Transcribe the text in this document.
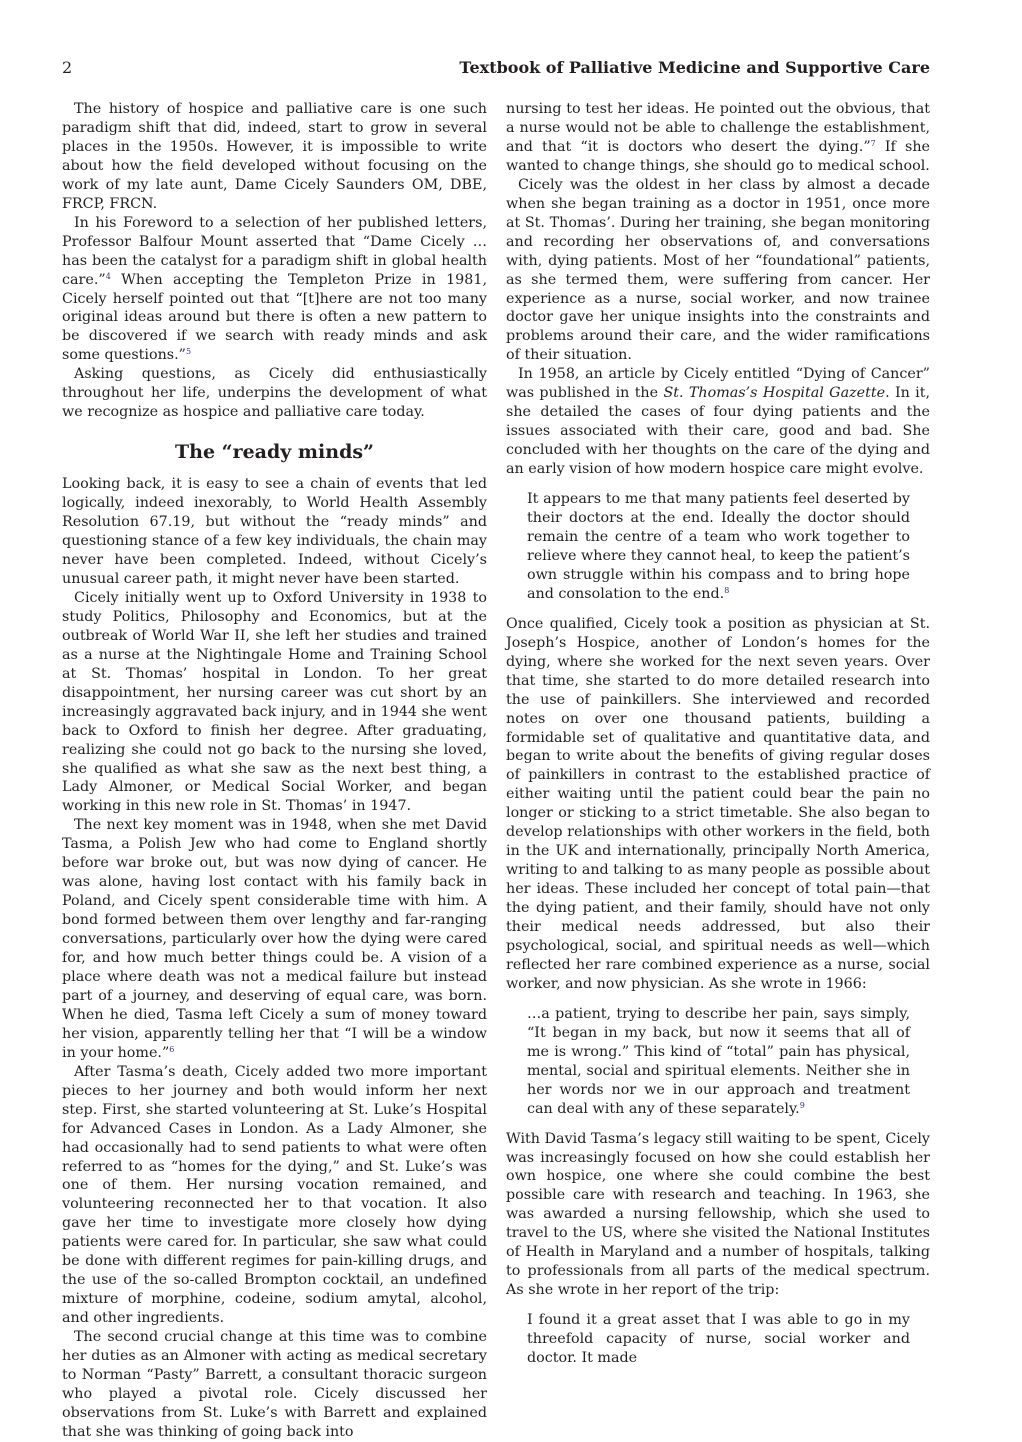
2	Textbook of Palliative Medicine and Supportive Care

The history of hospice and palliative care is one such paradigm shift that did, indeed, start to grow in several places in the 1950s. However, it is impossible to write about how the field developed without focusing on the work of my late aunt, Dame Cicely Saunders OM, DBE, FRCP, FRCN.

In his Foreword to a selection of her published letters, Professor Balfour Mount asserted that “Dame Cicely … has been the catalyst for a paradigm shift in global health care.”$^4$ When accepting the Templeton Prize in 1981, Cicely herself pointed out that “[t]here are not too many original ideas around but there is often a new pattern to be discovered if we search with ready minds and ask some questions.”$^5$

Asking questions, as Cicely did enthusiastically throughout her life, underpins the development of what we recognize as hospice and palliative care today.

The “ready minds”

Looking back, it is easy to see a chain of events that led logically, indeed inexorably, to World Health Assembly Resolution 67.19, but without the “ready minds” and questioning stance of a few key individuals, the chain may never have been completed. Indeed, without Cicely’s unusual career path, it might never have been started.

Cicely initially went up to Oxford University in 1938 to study Politics, Philosophy and Economics, but at the outbreak of World War II, she left her studies and trained as a nurse at the Nightingale Home and Training School at St. Thomas’ hospital in London. To her great disappointment, her nursing career was cut short by an increasingly aggravated back injury, and in 1944 she went back to Oxford to finish her degree. After graduating, realizing she could not go back to the nursing she loved, she qualified as what she saw as the next best thing, a Lady Almoner, or Medical Social Worker, and began working in this new role in St. Thomas’ in 1947.

The next key moment was in 1948, when she met David Tasma, a Polish Jew who had come to England shortly before war broke out, but was now dying of cancer. He was alone, having lost contact with his family back in Poland, and Cicely spent considerable time with him. A bond formed between them over lengthy and far-ranging conversations, particularly over how the dying were cared for, and how much better things could be. A vision of a place where death was not a medical failure but instead part of a journey, and deserving of equal care, was born. When he died, Tasma left Cicely a sum of money toward her vision, apparently telling her that “I will be a window in your home.”$^6$

After Tasma’s death, Cicely added two more important pieces to her journey and both would inform her next step. First, she started volunteering at St. Luke’s Hospital for Advanced Cases in London. As a Lady Almoner, she had occasionally had to send patients to what were often referred to as “homes for the dying,” and St. Luke’s was one of them. Her nursing vocation remained, and volunteering reconnected her to that vocation. It also gave her time to investigate more closely how dying patients were cared for. In particular, she saw what could be done with different regimes for pain-killing drugs, and the use of the so-called Brompton cocktail, an undefined mixture of morphine, codeine, sodium amytal, alcohol, and other ingredients.

The second crucial change at this time was to combine her duties as an Almoner with acting as medical secretary to Norman “Pasty” Barrett, a consultant thoracic surgeon who played a pivotal role. Cicely discussed her observations from St. Luke’s with Barrett and explained that she was thinking of going back into

nursing to test her ideas. He pointed out the obvious, that a nurse would not be able to challenge the establishment, and that “it is doctors who desert the dying.”$^7$ If she wanted to change things, she should go to medical school.

Cicely was the oldest in her class by almost a decade when she began training as a doctor in 1951, once more at St. Thomas’. During her training, she began monitoring and recording her observations of, and conversations with, dying patients. Most of her “foundational” patients, as she termed them, were suffering from cancer. Her experience as a nurse, social worker, and now trainee doctor gave her unique insights into the constraints and problems around their care, and the wider ramifications of their situation.

In 1958, an article by Cicely entitled “Dying of Cancer” was published in the St. Thomas’s Hospital Gazette. In it, she detailed the cases of four dying patients and the issues associated with their care, good and bad. She concluded with her thoughts on the care of the dying and an early vision of how modern hospice care might evolve.

It appears to me that many patients feel deserted by their doctors at the end. Ideally the doctor should remain the centre of a team who work together to relieve where they cannot heal, to keep the patient’s own struggle within his compass and to bring hope and consolation to the end.$^8$

Once qualified, Cicely took a position as physician at St. Joseph’s Hospice, another of London’s homes for the dying, where she worked for the next seven years. Over that time, she started to do more detailed research into the use of painkillers. She interviewed and recorded notes on over one thousand patients, building a formidable set of qualitative and quantitative data, and began to write about the benefits of giving regular doses of painkillers in contrast to the established practice of either waiting until the patient could bear the pain no longer or sticking to a strict timetable. She also began to develop relationships with other workers in the field, both in the UK and internationally, principally North America, writing to and talking to as many people as possible about her ideas. These included her concept of total pain—that the dying patient, and their family, should have not only their medical needs addressed, but also their psychological, social, and spiritual needs as well—which reflected her rare combined experience as a nurse, social worker, and now physician. As she wrote in 1966:

…a patient, trying to describe her pain, says simply, “It began in my back, but now it seems that all of me is wrong.” This kind of “total” pain has physical, mental, social and spiritual elements. Neither she in her words nor we in our approach and treatment can deal with any of these separately.$^9$

With David Tasma’s legacy still waiting to be spent, Cicely was increasingly focused on how she could establish her own hospice, one where she could combine the best possible care with research and teaching. In 1963, she was awarded a nursing fellowship, which she used to travel to the US, where she visited the National Institutes of Health in Maryland and a number of hospitals, talking to professionals from all parts of the medical spectrum. As she wrote in her report of the trip:

I found it a great asset that I was able to go in my threefold capacity of nurse, social worker and doctor. It made
